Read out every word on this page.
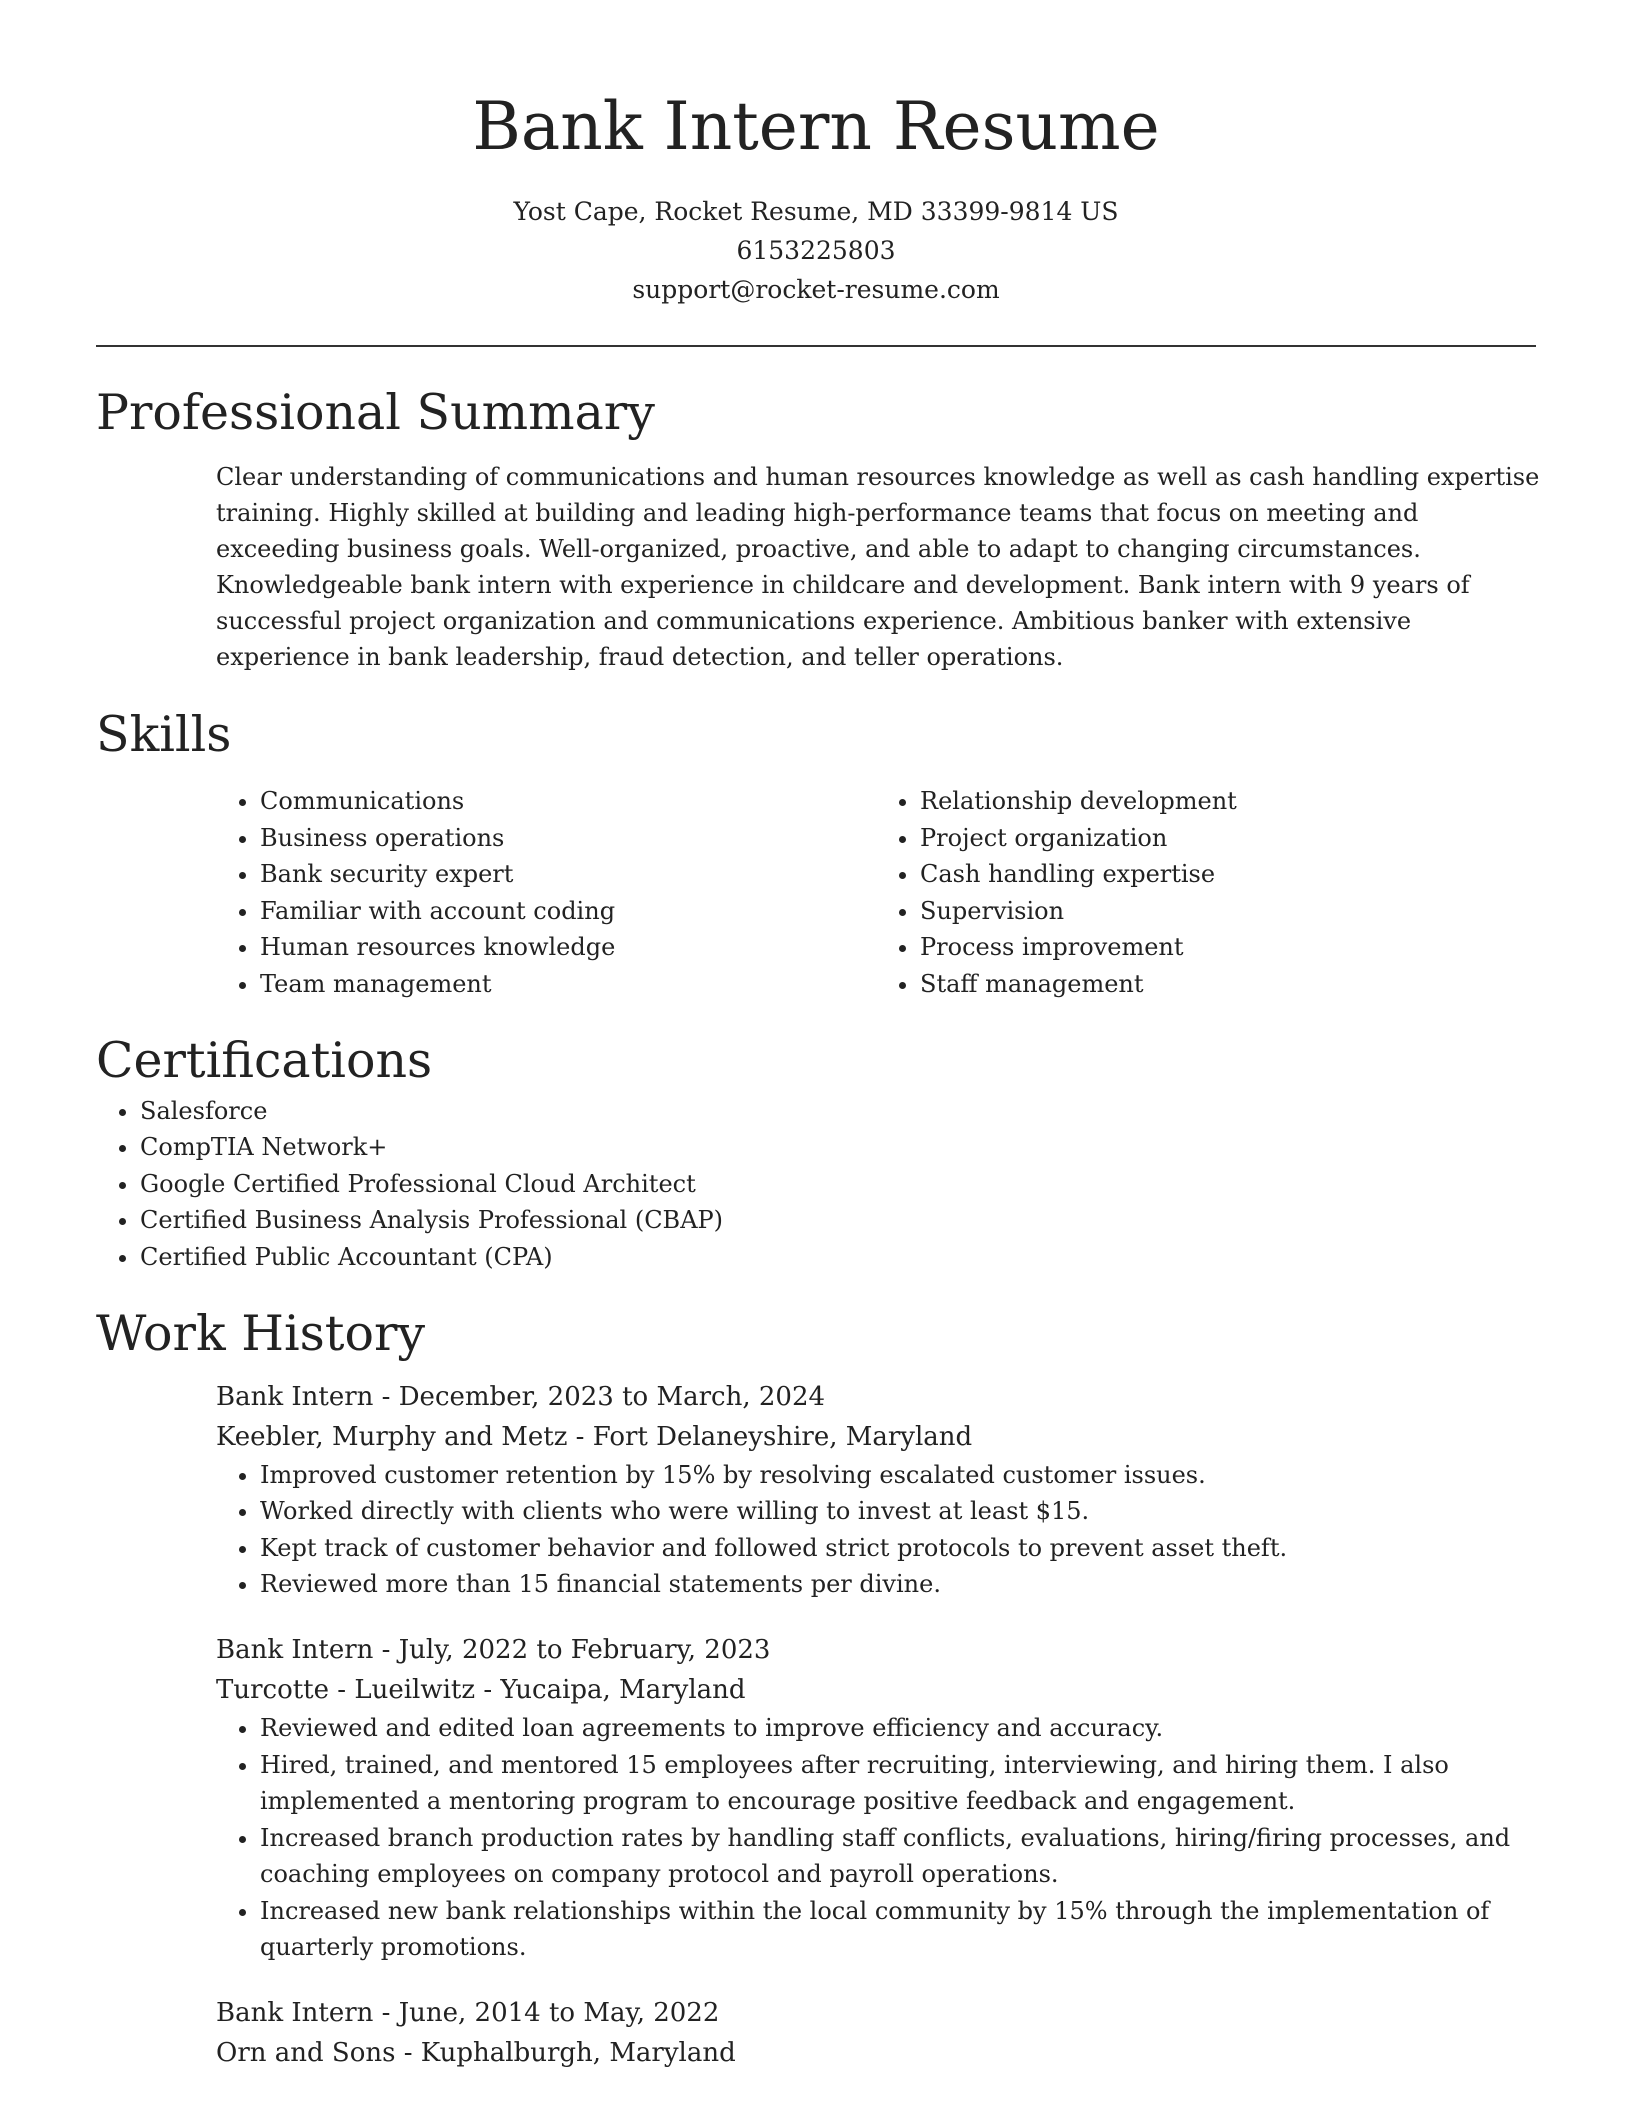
Bank Intern Resume
Yost Cape, Rocket Resume, MD 33399-9814 US
6153225803
support@rocket-resume.com
Professional Summary

Clear understanding of communications and human resources knowledge as well as cash handling expertise training. Highly skilled at building and leading high-performance teams that focus on meeting and exceeding business goals. Well-organized, proactive, and able to adapt to changing circumstances. Knowledgeable bank intern with experience in childcare and development. Bank intern with 9 years of successful project organization and communications experience. Ambitious banker with extensive experience in bank leadership, fraud detection, and teller operations.

Skills
• Communications
• Business operations
• Bank security expert
• Familiar with account coding
• Human resources knowledge
• Team management
• Relationship development
• Project organization
• Cash handling expertise
• Supervision
• Process improvement
• Staff management
Certifications
• Salesforce
• CompTIA Network+
• Google Certified Professional Cloud Architect
• Certified Business Analysis Professional (CBAP)
• Certified Public Accountant (CPA)
Work History
Bank Intern - December, 2023 to March, 2024
Keebler, Murphy and Metz - Fort Delaneyshire, Maryland
• Improved customer retention by 15% by resolving escalated customer issues.
• Worked directly with clients who were willing to invest at least $15.
• Kept track of customer behavior and followed strict protocols to prevent asset theft.
• Reviewed more than 15 financial statements per divine.
Bank Intern - July, 2022 to February, 2023
Turcotte - Lueilwitz - Yucaipa, Maryland
• Reviewed and edited loan agreements to improve efficiency and accuracy.
• Hired, trained, and mentored 15 employees after recruiting, interviewing, and hiring them. I also implemented a mentoring program to encourage positive feedback and engagement.
• Increased branch production rates by handling staff conflicts, evaluations, hiring/firing processes, and coaching employees on company protocol and payroll operations.
• Increased new bank relationships within the local community by 15% through the implementation of quarterly promotions.
Bank Intern - June, 2014 to May, 2022
Orn and Sons - Kuphalburgh, Maryland
